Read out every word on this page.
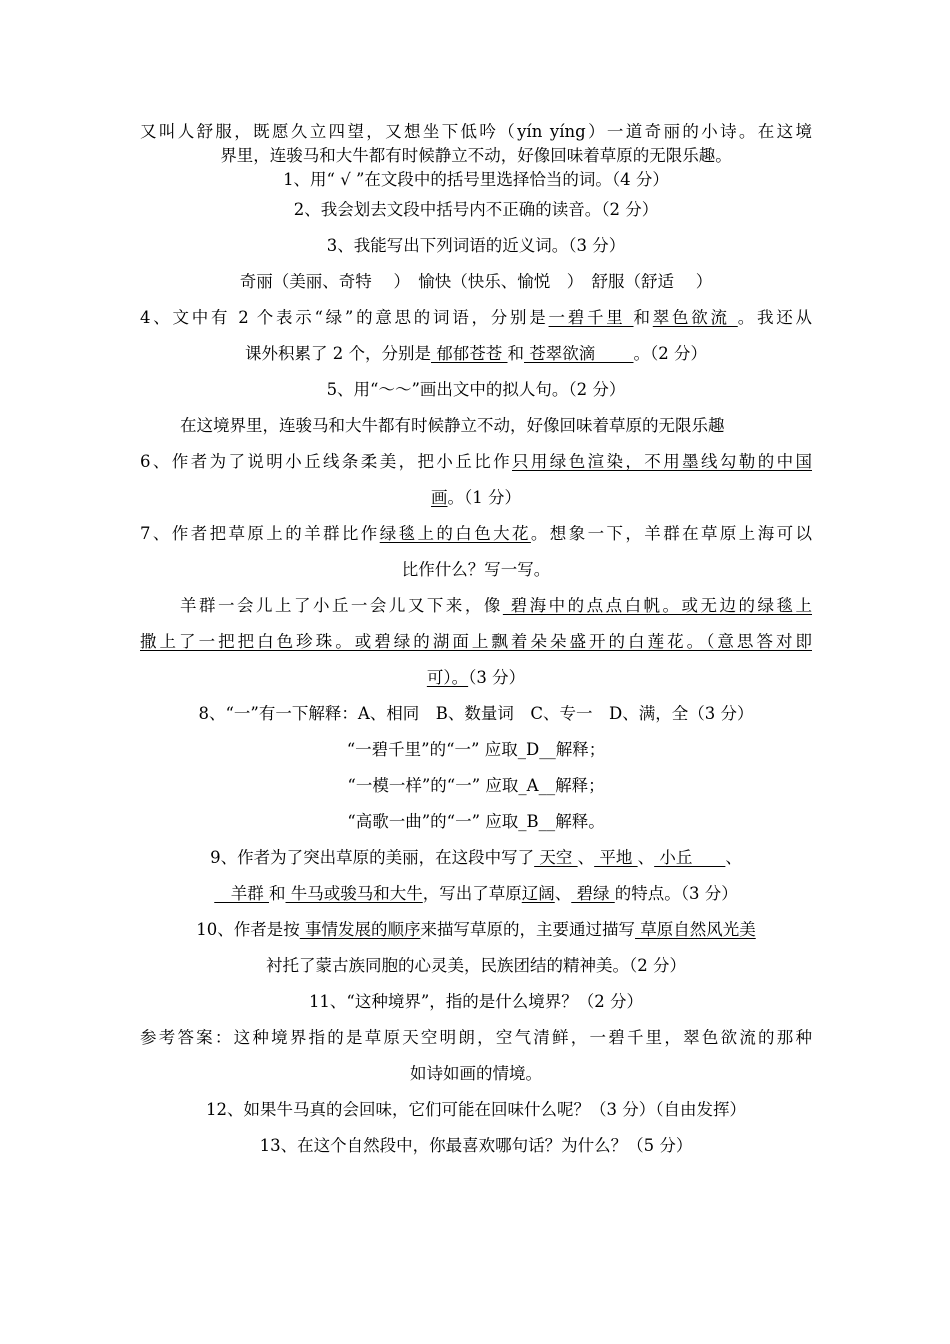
又叫人舒服，既愿久立四望，又想坐下低吟（yín yíng）一道奇丽的小诗。在这境
界里，连骏马和大牛都有时候静立不动，好像回味着草原的无限乐趣。
1、用“ √ ”在文段中的括号里选择恰当的词。（4 分）
2、我会划去文段中括号内不正确的读音。（2 分）
3、我能写出下列词语的近义词。（3 分）
奇丽（美丽、奇特　 ）　愉快（快乐、愉悦　）　舒服（舒适　 ）
4、文中有 2 个表示“绿”的意思的词语，分别是一碧千里 和翠色欲流 。我还从
课外积累了 2 个，分别是 郁郁苍苍 和 苍翠欲滴　　 。（2 分）
5、用“～～”画出文中的拟人句。（2 分）
在这境界里，连骏马和大牛都有时候静立不动，好像回味着草原的无限乐趣
6、作者为了说明小丘线条柔美，把小丘比作只用绿色渲染，不用墨线勾勒的中国
画。（1 分）
7、作者把草原上的羊群比作绿毯上的白色大花。想象一下，羊群在草原上海可以
比作什么？写一写。
羊群一会儿上了小丘一会儿又下来，像 碧海中的点点白帆。或无边的绿毯上
撒上了一把把白色珍珠。或碧绿的湖面上飘着朵朵盛开的白莲花。（意思答对即
可）。（3 分）
8、“一”有一下解释：A、相同　B、数量词　C、专一　D、满，全（3 分）
“一碧千里”的“一” 应取_D__解释；
“一模一样”的“一” 应取_A__解释；
“高歌一曲”的“一” 应取_B__解释。
9、作者为了突出草原的美丽，在这段中写了 天空 、 平地 、 小丘　　、
　羊群 和 牛马或骏马和大牛，写出了草原辽阔、 碧绿 的特点。（3 分）
10、作者是按 事情发展的顺序来描写草原的，主要通过描写 草原自然风光美
衬托了蒙古族同胞的心灵美，民族团结的精神美。（2 分）
11、“这种境界”，指的是什么境界？（2 分）
参考答案：这种境界指的是草原天空明朗，空气清鲜，一碧千里，翠色欲流的那种
如诗如画的情境。
12、如果牛马真的会回味，它们可能在回味什么呢？（3 分）（自由发挥）
13、在这个自然段中，你最喜欢哪句话？为什么？（5 分）
